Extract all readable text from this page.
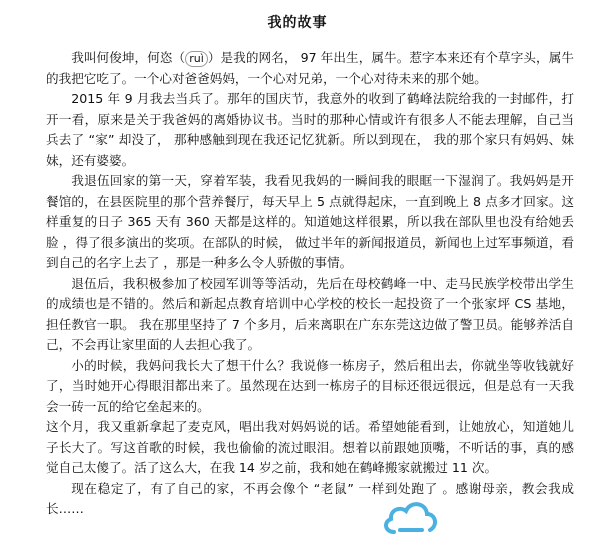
我的故事

我叫何俊坤，何恣（ ruì ）是我的网名， 97 年出生，属牛。惹字本来还有个草字头，属牛的我把它吃了。一个心对爸爸妈妈，一个心对兄弟，一个心对待未来的那个她。

2015 年 9 月我去当兵了。那年的国庆节，我意外的收到了鹤峰法院给我的一封邮件，打开一看，原来是关于我爸妈的离婚协议书。当时的那种心情或许有很多人不能去理解，自己当兵去了 “家” 却没了， 那种感触到现在我还记忆犹新。所以到现在， 我的那个家只有妈妈、妹妹，还有婆婆。

我退伍回家的第一天，穿着军装，我看见我妈的一瞬间我的眼眶一下湿润了。我妈妈是开餐馆的，在县医院里的那个营养餐厅，每天早上 5 点就得起床，一直到晚上 8 点多才回家。这样重复的日子 365 天有 360 天都是这样的。知道她这样很累，所以我在部队里也没有给她丢脸 ，得了很多演出的奖项。在部队的时候， 做过半年的新闻报道员，新闻也上过军事频道，看到自己的名字上去了 ，那是一种多么令人骄傲的事情。

退伍后，我积极参加了校园军训等等活动，先后在母校鹤峰一中、走马民族学校带出学生的成绩也是不错的。然后和新起点教育培训中心学校的校长一起投资了一个张家坪 CS 基地，担任教官一职。 我在那里坚持了 7 个多月，后来离职在广东东莞这边做了警卫员。能够养活自己，不会再让家里面的人去担心我了。

小的时候，我妈问我长大了想干什么？我说修一栋房子，然后租出去，你就坐等收钱就好了，当时她开心得眼泪都出来了。虽然现在达到一栋房子的目标还很远很远，但是总有一天我会一砖一瓦的给它垒起来的。

这个月，我又重新拿起了麦克风，唱出我对妈妈说的话。希望她能看到，让她放心，知道她儿子长大了。写这首歌的时候，我也偷偷的流过眼泪。想着以前跟她顶嘴，不听话的事，真的感觉自己太傻了。活了这么大，在我 14 岁之前，我和她在鹤峰搬家就搬过 11 次。

现在稳定了，有了自己的家，不再会像个 “老鼠” 一样到处跑了 。感谢母亲，教会我成长……
